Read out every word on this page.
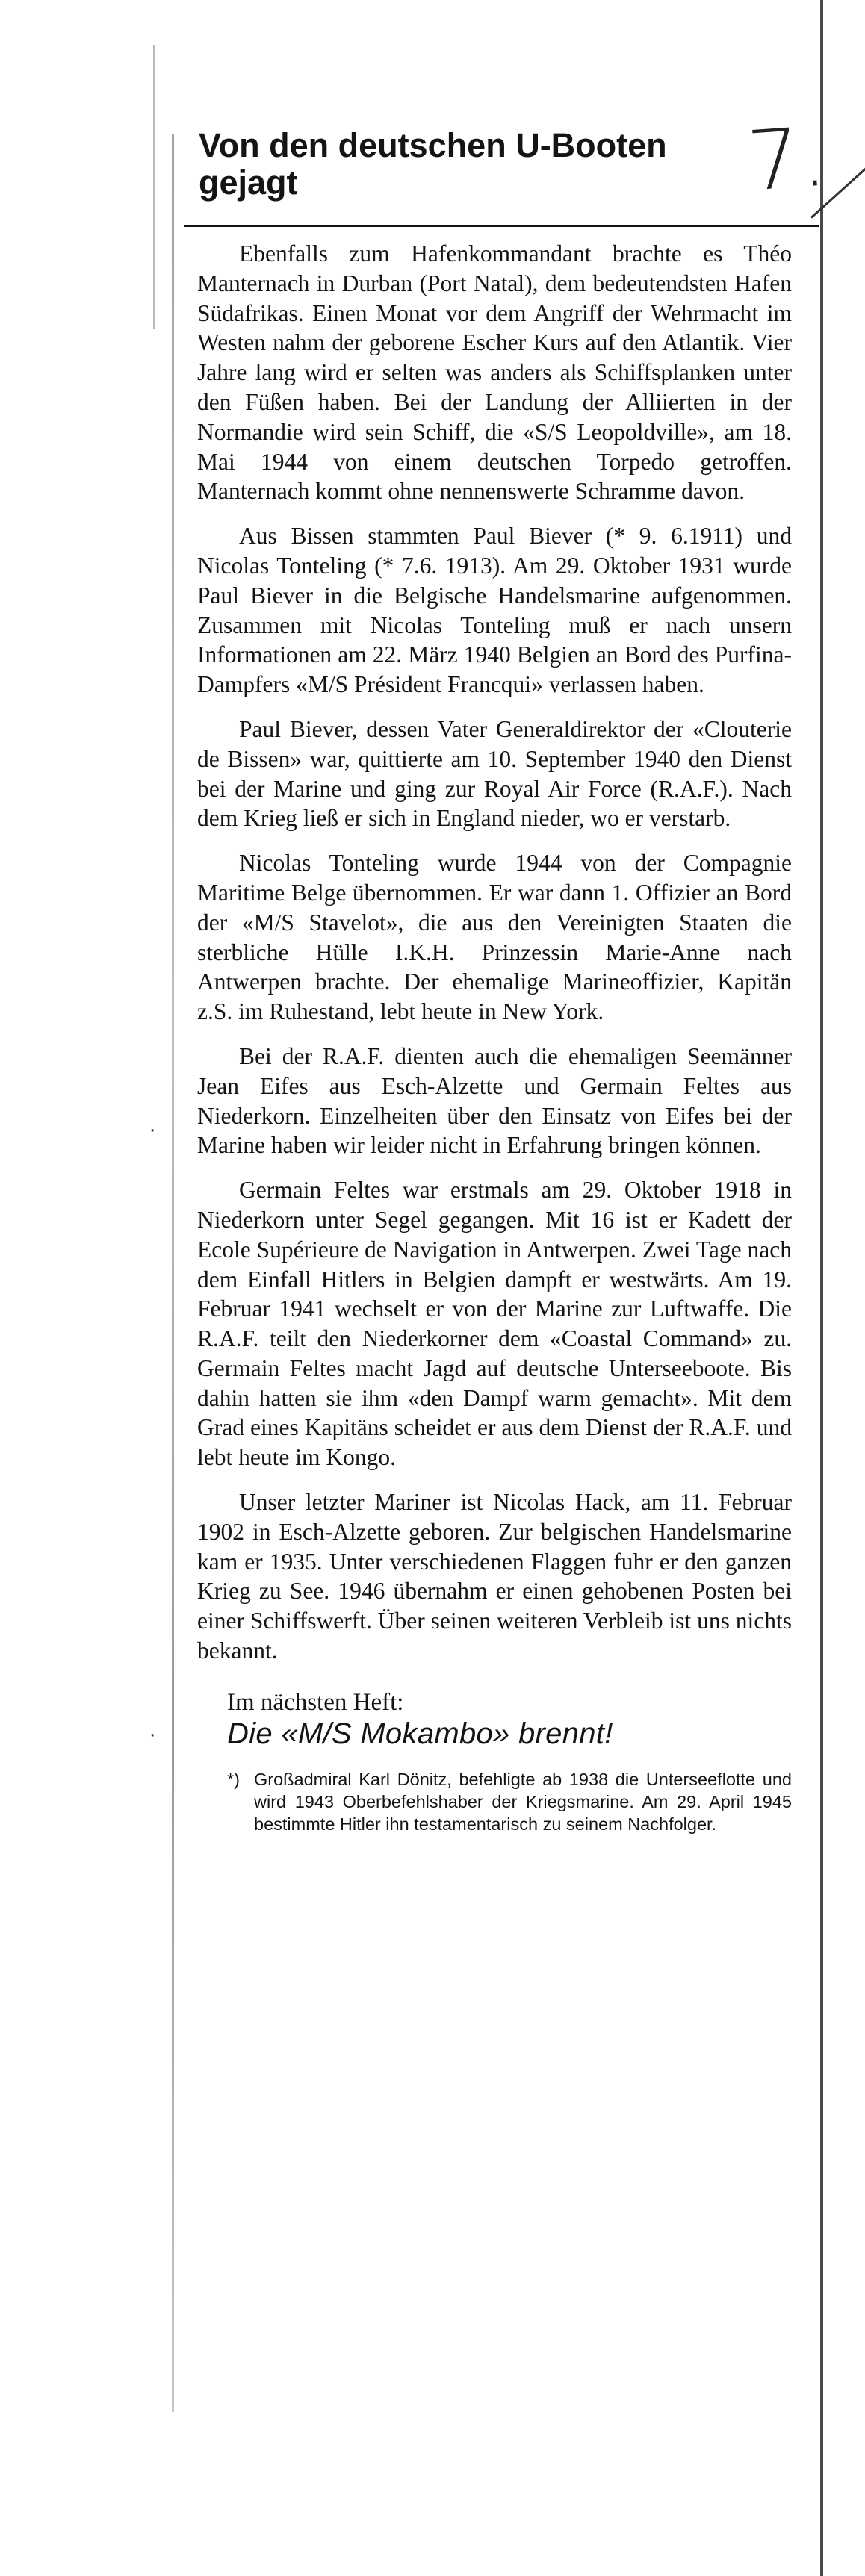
·
·
Von den deutschen U-Booten
gejagt	7.

Ebenfalls zum Hafenkommandant brachte es Théo Manternach in Durban (Port Natal), dem bedeutendsten Hafen Südafrikas. Einen Monat vor dem Angriff der Wehrmacht im Westen nahm der geborene Escher Kurs auf den Atlantik. Vier Jahre lang wird er selten was anders als Schiffsplanken unter den Füßen haben. Bei der Landung der Alliierten in der Normandie wird sein Schiff, die «S/S Leopoldville», am 18. Mai 1944 von einem deutschen Torpedo getroffen. Manternach kommt ohne nennenswerte Schramme davon.

Aus Bissen stammten Paul Biever (* 9. 6.1911) und Nicolas Tonteling (* 7.6. 1913). Am 29. Oktober 1931 wurde Paul Biever in die Belgische Handelsmarine aufgenommen. Zusammen mit Nicolas Tonteling muß er nach unsern Informationen am 22. März 1940 Belgien an Bord des Purfina-Dampfers «M/S Président Francqui» verlassen haben.

Paul Biever, dessen Vater Generaldirektor der «Clouterie de Bissen» war, quittierte am 10. September 1940 den Dienst bei der Marine und ging zur Royal Air Force (R.A.F.). Nach dem Krieg ließ er sich in England nieder, wo er verstarb.

Nicolas Tonteling wurde 1944 von der Compagnie Maritime Belge übernommen. Er war dann 1. Offizier an Bord der «M/S Stavelot», die aus den Vereinigten Staaten die sterbliche Hülle I.K.H. Prinzessin Marie-Anne nach Antwerpen brachte. Der ehemalige Marineoffizier, Kapitän z.S. im Ruhestand, lebt heute in New York.

Bei der R.A.F. dienten auch die ehemaligen Seemänner Jean Eifes aus Esch-Alzette und Germain Feltes aus Niederkorn. Einzelheiten über den Einsatz von Eifes bei der Marine haben wir leider nicht in Erfahrung bringen können.

Germain Feltes war erstmals am 29. Oktober 1918 in Niederkorn unter Segel gegangen. Mit 16 ist er Kadett der Ecole Supérieure de Navigation in Antwerpen. Zwei Tage nach dem Einfall Hitlers in Belgien dampft er westwärts. Am 19. Februar 1941 wechselt er von der Marine zur Luftwaffe. Die R.A.F. teilt den Niederkorner dem «Coastal Command» zu. Germain Feltes macht Jagd auf deutsche Unterseeboote. Bis dahin hatten sie ihm «den Dampf warm gemacht». Mit dem Grad eines Kapitäns scheidet er aus dem Dienst der R.A.F. und lebt heute im Kongo.

Unser letzter Mariner ist Nicolas Hack, am 11. Februar 1902 in Esch-Alzette geboren. Zur belgischen Handelsmarine kam er 1935. Unter verschiedenen Flaggen fuhr er den ganzen Krieg zu See. 1946 übernahm er einen gehobenen Posten bei einer Schiffswerft. Über seinen weiteren Verbleib ist uns nichts bekannt.

Im nächsten Heft:
Die «M/S Mokambo» brennt!
*) Großadmiral Karl Dönitz, befehligte ab 1938 die Unterseeflotte und wird 1943 Oberbefehlshaber der Kriegsmarine. Am 29. April 1945 bestimmte Hitler ihn testamentarisch zu seinem Nachfolger.
